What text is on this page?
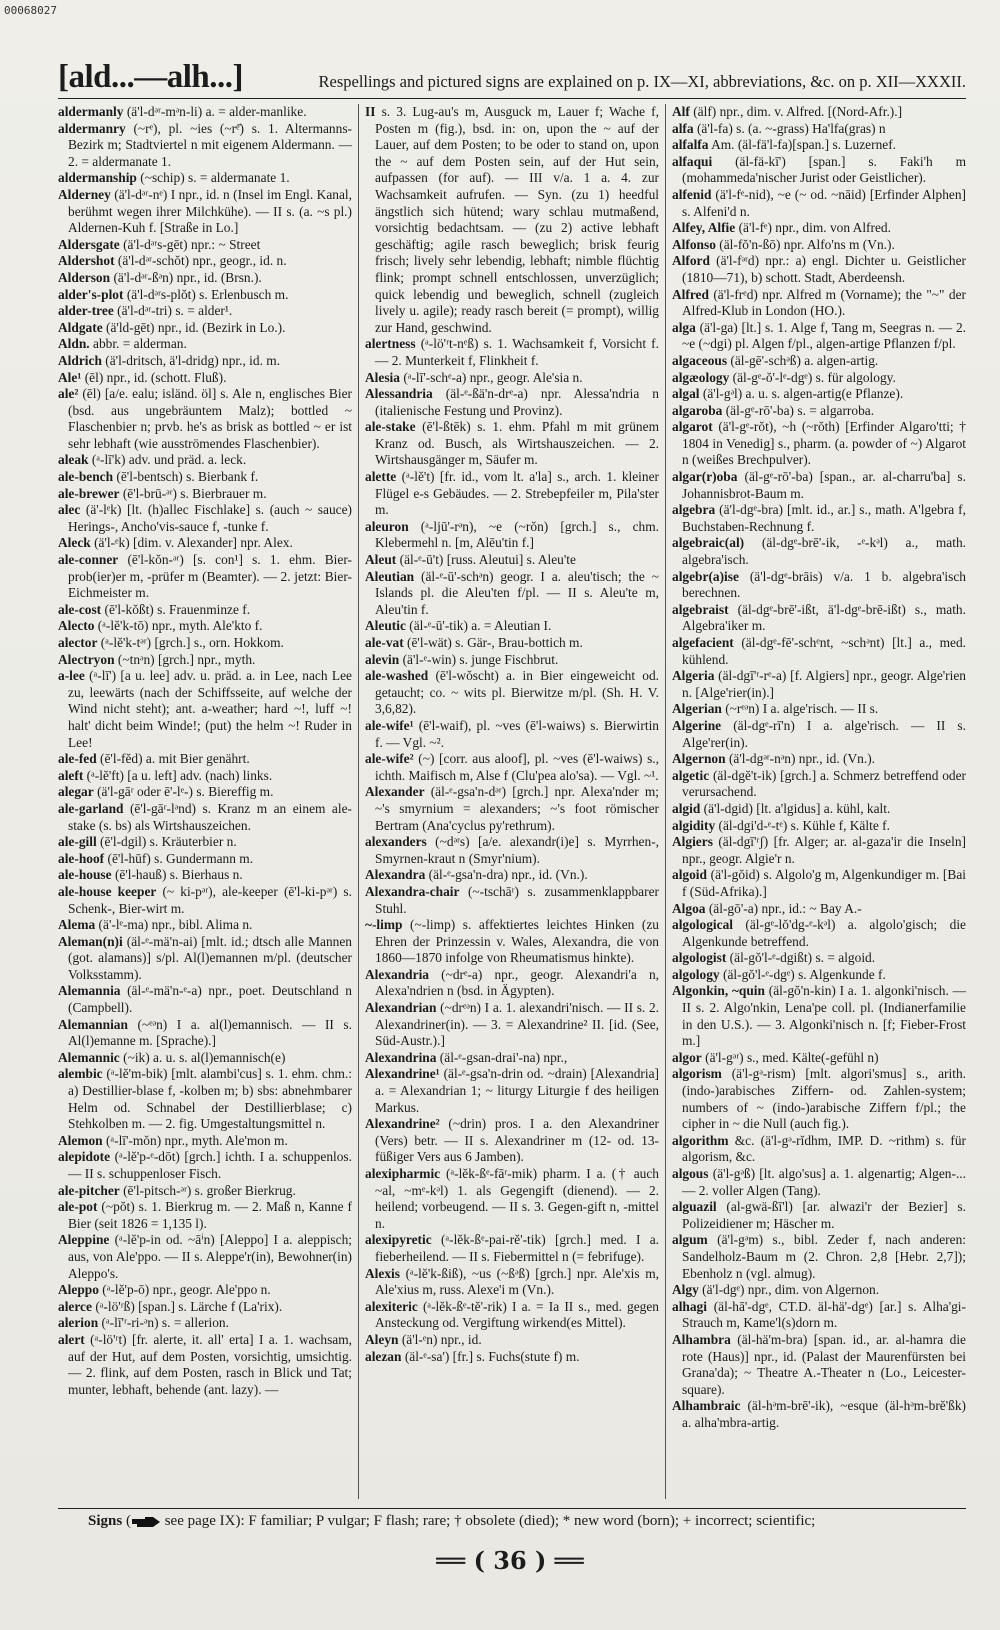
00068027
[ald...—alh...]	Respellings and pictured signs are explained on p. IX—XI, abbreviations, &c. on p. XII—XXXII.
aldermanly (ä'l-dᵊʳ-mᵊn-li) a. = alder-manlike.
aldermanry (~rᵉ), pl. ~ies (~rᵉ̄) s. 1. Altermanns-Bezirk m; Stadtviertel n mit eigenem Aldermann. — 2. = aldermanate 1.
aldermanship (~schip) s. = aldermanate 1.
Alderney (ä'l-dᵊʳ-nᵉ) I npr., id. n (Insel im Engl. Kanal, berühmt wegen ihrer Milchkühe). — II s. (a. ~s pl.) Aldernen-Kuh f. [Straße in Lo.]
Aldersgate (ä'l-dᵊʳs-gēt) npr.: ~ Street
Aldershot (ä'l-dᵊʳ-schŏt) npr., geogr., id. n.
Alderson (ä'l-dᵊʳ-ßᵊn) npr., id. (Brsn.).
alder's-plot (ä'l-dᵊʳs-plŏt) s. Erlenbusch m.
alder-tree (ä'l-dᵊʳ-tri) s. = alder¹.
Aldgate (ä'ld-gēt) npr., id. (Bezirk in Lo.).
Aldn. abbr. = alderman.
Aldrich (ä'l-dritsch, ä'l-dridg) npr., id. m.
Ale¹ (ēl) npr., id. (schott. Fluß).
ale² (ēl) [a/e. ealu; isländ. öl] s. Ale n, englisches Bier (bsd. aus ungebräuntem Malz); bottled ~ Flaschenbier n; prvb. he's as brisk as bottled ~ er ist sehr lebhaft (wie ausströmendes Flaschenbier).
aleak (ᵃ-lī'k) adv. und präd. a. leck.
ale-bench (ē'l-bentsch) s. Bierbank f.
ale-brewer (ē'l-brū-ᵊʳ) s. Bierbrauer m.
alec (ä'-lᵉk) [lt. (h)allec Fischlake] s. (auch ~ sauce) Herings-, Ancho'vis-sauce f, -tunke f.
Aleck (ä'l-ᵉk) [dim. v. Alexander] npr. Alex.
ale-conner (ē'l-kŏn-ᵊʳ) [s. con¹] s. 1. ehm. Bier-prob(ier)er m, -prüfer m (Beamter). — 2. jetzt: Bier-Eichmeister m.
ale-cost (ē'l-kŏßt) s. Frauenminze f.
Alecto (ᵃ-lĕ'k-tō) npr., myth. Ale'kto f.
alector (ᵃ-lĕ'k-tᵊʳ) [grch.] s., orn. Hokkom.
Alectryon (~tnᵊn) [grch.] npr., myth.
a-lee (ᵃ-lī') [a u. lee] adv. u. präd. a. in Lee, nach Lee zu, leewärts (nach der Schiffsseite, auf welche der Wind nicht steht); ant. a-weather; hard ~!, luff ~! halt' dicht beim Winde!; (put) the helm ~! Ruder in Lee!
ale-fed (ē'l-fĕd) a. mit Bier genährt.
aleft (ᵃ-lĕ'ft) [a u. left] adv. (nach) links.
alegar (ä'l-gāʳ oder ē'-lᵉ-) s. Biereffig m.
ale-garland (ē'l-gāʳ-lᵊnd) s. Kranz m an einem ale-stake (s. bs) als Wirtshauszeichen.
ale-gill (ē'l-dgil) s. Kräuterbier n.
ale-hoof (ē'l-hūf) s. Gundermann m.
ale-house (ē'l-hauß) s. Bierhaus n.
ale-house keeper (~ ki-pᵊʳ), ale-keeper (ē'l-ki-pᵊʳ) s. Schenk-, Bier-wirt m.
Alema (ä'-lᵉ-ma) npr., bibl. Alima n.
Aleman(n)i (äl-ᵉ-mä'n-ai) [mlt. id.; dtsch alle Mannen (got. alamans)] s/pl. Al(l)emannen m/pl. (deutscher Volksstamm).
Alemannia (äl-ᵉ-mä'n-ᵉ-a) npr., poet. Deutschland n (Campbell).
Alemannian (~ᵉᵊn) I a. al(l)emannisch. — II s. Al(l)emanne m. [Sprache).]
Alemannic (~ik) a. u. s. al(l)emannisch(e)
alembic (ᵃ-lĕ'm-bik) [mlt. alambi'cus] s. 1. ehm. chm.: a) Destillier-blase f, -kolben m; b) sbs: abnehmbarer Helm od. Schnabel der Destillierblase; c) Stehkolben m. — 2. fig. Umgestaltungsmittel n.
Alemon (ᵃ-lī'-mŏn) npr., myth. Ale'mon m.
alepidote (ᵃ-lĕ'p-ᵉ-dōt) [grch.] ichth. I a. schuppenlos. — II s. schuppenloser Fisch.
ale-pitcher (ē'l-pitsch-ᵊʳ) s. großer Bierkrug.
ale-pot (~pŏt) s. 1. Bierkrug m. — 2. Maß n, Kanne f Bier (seit 1826 = 1,135 l).
Aleppine (ᵃ-lĕ'p-in od. ~āⁱn) [Aleppo] I a. aleppisch; aus, von Ale'ppo. — II s. Aleppe'r(in), Bewohner(in) Aleppo's.
Aleppo (ᵃ-lĕ'p-ō) npr., geogr. Ale'ppo n.
alerce (ᵃ-lö'ʳß) [span.] s. Lärche f (La'rix).
alerion (ᵃ-lī'ʳ-ri-ᵊn) s. = allerion.
alert (ᵃ-lö'ʳt) [fr. alerte, it. all' erta] I a. 1. wachsam, auf der Hut, auf dem Posten, vorsichtig, umsichtig. — 2. flink, auf dem Posten, rasch in Blick und Tat; munter, lebhaft, behende (ant. lazy). —
II s. 3. Lug-au's m, Ausguck m, Lauer f; Wache f, Posten m (fig.), bsd. in: on, upon the ~ auf der Lauer, auf dem Posten; to be oder to stand on, upon the ~ auf dem Posten sein, auf der Hut sein, aufpassen (for auf). — III v/a. 1 a. 4. zur Wachsamkeit aufrufen. — Syn. (zu 1) heedful ängstlich sich hütend; wary schlau mutmaßend, vorsichtig bedachtsam. — (zu 2) active lebhaft geschäftig; agile rasch beweglich; brisk feurig frisch; lively sehr lebendig, lebhaft; nimble flüchtig flink; prompt schnell entschlossen, unverzüglich; quick lebendig und beweglich, schnell (zugleich lively u. agile); ready rasch bereit (= prompt), willig zur Hand, geschwind.
alertness (ᵃ-lö'ʳt-nᵉß) s. 1. Wachsamkeit f, Vorsicht f. — 2. Munterkeit f, Flinkheit f.
Alesia (ᵃ-lī'-schᵉ-a) npr., geogr. Ale'sia n.
Alessandria (äl-ᵉ-ßä'n-drᵉ-a) npr. Alessa'ndria n (italienische Festung und Provinz).
ale-stake (ē'l-ßtēk) s. 1. ehm. Pfahl m mit grünem Kranz od. Busch, als Wirtshauszeichen. — 2. Wirtshausgänger m, Säufer m.
alette (ᵃ-lĕ't) [fr. id., vom lt. a'la] s., arch. 1. kleiner Flügel e-s Gebäudes. — 2. Strebepfeiler m, Pila'ster m.
aleuron (ᵃ-ljū'-rᵊn), ~e (~rŏn) [grch.] s., chm. Klebermehl n. [m, Alēu'tin f.]
Aleut (äl-ᵉ-ū't) [russ. Aleutui] s. Aleu'te
Aleutian (äl-ᵉ-ū'-schᵊn) geogr. I a. aleu'tisch; the ~ Islands pl. die Aleu'ten f/pl. — II s. Aleu'te m, Aleu'tin f.
Aleutic (äl-ᵉ-ū'-tik) a. = Aleutian I.
ale-vat (ē'l-wät) s. Gär-, Brau-bottich m.
alevin (ä'l-ᵉ-win) s. junge Fischbrut.
ale-washed (ē'l-wŏscht) a. in Bier eingeweicht od. getaucht; co. ~ wits pl. Bierwitze m/pl. (Sh. H. V. 3,6,82).
ale-wife¹ (ē'l-waif), pl. ~ves (ē'l-waiws) s. Bierwirtin f. — Vgl. ~².
ale-wife² (~) [corr. aus aloof], pl. ~ves (ē'l-waiws) s., ichth. Maifisch m, Alse f (Clu'pea alo'sa). — Vgl. ~¹.
Alexander (äl-ᵉ-gsa'n-dᵊʳ) [grch.] npr. Alexa'nder m; ~'s smyrnium = alexanders; ~'s foot römischer Bertram (Ana'cyclus py'rethrum).
alexanders (~dᵊʳs) [a/e. alexandr(i)e] s. Myrrhen-, Smyrnen-kraut n (Smyr'nium).
Alexandra (äl-ᵉ-gsa'n-dra) npr., id. (Vn.).
Alexandra-chair (~-tschāʳ) s. zusammenklappbarer Stuhl.
~-limp (~-limp) s. affektiertes leichtes Hinken (zu Ehren der Prinzessin v. Wales, Alexandra, die von 1860—1870 infolge von Rheumatismus hinkte).
Alexandria (~drᵉ-a) npr., geogr. Alexandri'a n, Alexa'ndrien n (bsd. in Ägypten).
Alexandrian (~drᵉᵊn) I a. 1. alexandri'nisch. — II s. 2. Alexandriner(in). — 3. = Alexandrine² II. [id. (See, Süd-Austr.).]
Alexandrina (äl-ᵉ-gsan-drai'-na) npr.,
Alexandrine¹ (äl-ᵉ-gsa'n-drin od. ~drain) [Alexandria] a. = Alexandrian 1; ~ liturgy Liturgie f des heiligen Markus.
Alexandrine² (~drin) pros. I a. den Alexandriner (Vers) betr. — II s. Alexandriner m (12- od. 13-füßiger Vers aus 6 Jamben).
alexipharmic (ᵃ-lĕk-ßᵉ-fāʳ-mik) pharm. I a. († auch ~al, ~mᵉ-kᵊl) 1. als Gegengift (dienend). — 2. heilend; vorbeugend. — II s. 3. Gegen-gift n, -mittel n.
alexipyretic (ᵃ-lĕk-ßᵉ-pai-rĕ'-tik) [grch.] med. I a. fieberheilend. — II s. Fiebermittel n (= febrifuge).
Alexis (ᵃ-lĕ'k-ßiß), ~us (~ßᵊß) [grch.] npr. Ale'xis m, Ale'xius m, russ. Alexe'i m (Vn.).
alexiteric (ᵃ-lĕk-ßᵉ-tĕ'-rik) I a. = Ia II s., med. gegen Ansteckung od. Vergiftung wirkend(es Mittel).
Aleyn (ä'l-ᵉn) npr., id.
alezan (äl-ᵉ-sa') [fr.] s. Fuchs(stute f) m.
Alf (älf) npr., dim. v. Alfred. [(Nord-Afr.).]
alfa (ä'l-fa) s. (a. ~-grass) Ha'lfa(gras) n
alfalfa Am. (äl-fä'l-fa)[span.] s. Luzernef.
alfaqui (äl-fä-kī') [span.] s. Faki'h m (mohammeda'nischer Jurist oder Geistlicher).
alfenid (ä'l-fᵉ-nid), ~e (~ od. ~nāid) [Erfinder Alphen] s. Alfeni'd n.
Alfey, Alfie (ä'l-fᵉ) npr., dim. von Alfred.
Alfonso (äl-fŏ'n-ßō) npr. Alfo'ns m (Vn.).
Alford (ä'l-fᵊʳd) npr.: a) engl. Dichter u. Geistlicher (1810—71), b) schott. Stadt, Aberdeensh.
Alfred (ä'l-frᵉd) npr. Alfred m (Vorname); the "~" der Alfred-Klub in London (HO.).
alga (ä'l-ga) [lt.] s. 1. Alge f, Tang m, Seegras n. — 2. ~e (~dgi) pl. Algen f/pl., algen-artige Pflanzen f/pl.
algaceous (äl-gē'-schᵊß) a. algen-artig.
algæology (äl-gᵉ-ŏ'-lᵉ-dgᵉ) s. für algology.
algal (ä'l-gᵊl) a. u. s. algen-artig(e Pflanze).
algaroba (äl-gᵉ-rō'-ba) s. = algarroba.
algarot (ä'l-gᵉ-rŏt), ~h (~rŏth) [Erfinder Algaro'tti; † 1804 in Venedig] s., pharm. (a. powder of ~) Algarot n (weißes Brechpulver).
algar(r)oba (äl-gᵉ-rō'-ba) [span., ar. al-charru'ba] s. Johannisbrot-Baum m.
algebra (ä'l-dgᵉ-bra) [mlt. id., ar.] s., math. A'lgebra f, Buchstaben-Rechnung f.
algebraic(al) (äl-dgᵉ-brē'-ik, -ᵉ-kᵊl) a., math. algebra'isch.
algebr(a)ise (ä'l-dgᵉ-brāis) v/a. 1 b. algebra'isch berechnen.
algebraist (äl-dgᵉ-brē'-ißt, ä'l-dgᵉ-brē-ißt) s., math. Algebra'iker m.
algefacient (äl-dgᵉ-fē'-schᵉnt, ~schᵊnt) [lt.] a., med. kühlend.
Algeria (äl-dgī'ʳ-rᵉ-a) [f. Algiers] npr., geogr. Alge'rien n. [Alge'rier(in).]
Algerian (~rᵉᵊn) I a. alge'risch. — II s.
Algerine (äl-dgᵉ-rī'n) I a. alge'risch. — II s. Alge'rer(in).
Algernon (ä'l-dgᵊʳ-nᵊn) npr., id. (Vn.).
algetic (äl-dgĕ't-ik) [grch.] a. Schmerz betreffend oder verursachend.
algid (ä'l-dgid) [lt. a'lgidus] a. kühl, kalt.
algidity (äl-dgi'd-ᵉ-tᵉ) s. Kühle f, Kälte f.
Algiers (äl-dgī'ʳʃ) [fr. Alger; ar. al-gaza'ir die Inseln] npr., geogr. Algie'r n.
algoid (ä'l-gŏid) s. Algolo'g m, Algenkundiger m. [Bai f (Süd-Afrika).]
Algoa (äl-gō'-a) npr., id.: ~ Bay A.-
algological (äl-gᵉ-lŏ'dg-ᵉ-kᵊl) a. algolo'gisch; die Algenkunde betreffend.
algologist (äl-gŏ'l-ᵉ-dgißt) s. = algoid.
algology (äl-gŏ'l-ᵉ-dgᵉ) s. Algenkunde f.
Algonkin, ~quin (äl-gŏ'n-kin) I a. 1. algonki'nisch. — II s. 2. Algo'nkin, Lena'pe coll. pl. (Indianerfamilie in den U.S.). — 3. Algonki'nisch n. [f; Fieber-Frost m.]
algor (ä'l-gᵊʳ) s., med. Kälte(-gefühl n)
algorism (ä'l-gᵊ-rism) [mlt. algori'smus] s., arith. (indo-)arabisches Ziffern- od. Zahlen-system; numbers of ~ (indo-)arabische Ziffern f/pl.; the cipher in ~ die Null (auch fig.).
algorithm &c. (ä'l-gᵊ-rĭdhm, IMP. D. ~rithm) s. für algorism, &c.
algous (ä'l-gᵊß) [lt. algo'sus] a. 1. algenartig; Algen-... — 2. voller Algen (Tang).
alguazil (al-gwä-ßī'l) [ar. alwazi'r der Bezier] s. Polizeidiener m; Häscher m.
algum (ä'l-gᵊm) s., bibl. Zeder f, nach anderen: Sandelholz-Baum m (2. Chron. 2,8 [Hebr. 2,7]); Ebenholz n (vgl. almug).
Algy (ä'l-dgᵉ) npr., dim. von Algernon.
alhagi (äl-hā'-dgᵉ, CT.D. äl-hä'-dgᵉ) [ar.] s. Alha'gi-Strauch m, Kame'l(s)dorn m.
Alhambra (äl-hä'm-bra) [span. id., ar. al-hamra die rote (Haus)] npr., id. (Palast der Maurenfürsten bei Grana'da); ~ Theatre A.-Theater n (Lo., Leicester-square).
Alhambraic (äl-hᵊm-brē'-ik), ~esque (äl-hᵊm-brĕ'ßk) a. alha'mbra-artig.
Signs ( see page IX): F familiar; P vulgar; F flash; rare; † obsolete (died); * new word (born); + incorrect; scientific;
══ ( 36 ) ══
